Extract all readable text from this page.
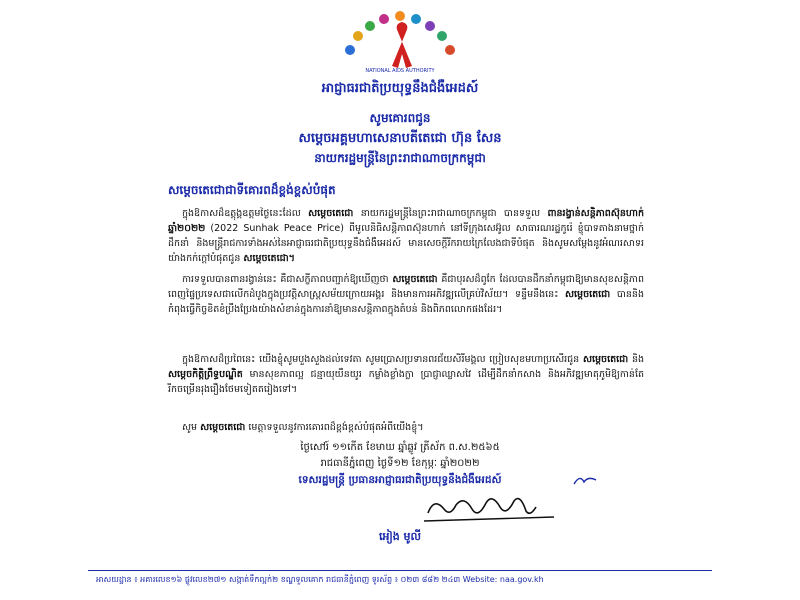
NATIONAL AIDS AUTHORITY
អាជ្ញាធរជាតិប្រយុទ្ធនឹងជំងឺអេដស៍
សូមគោរពជូន
សម្តេចអគ្គមហាសេនាបតីតេជោ ហ៊ុន សែន
នាយករដ្ឋមន្ត្រីនៃព្រះរាជាណាចក្រកម្ពុជា
សម្តេចតេជោជាទីគោរពដ៏ខ្ពង់ខ្ពស់បំផុត
ក្នុងឱកាសដ៏ឧត្តុង្គឧត្តមថ្ងៃនេះដែល សម្តេចតេជោ នាយករដ្ឋមន្ត្រីនៃព្រះរាជាណាចក្រកម្ពុជា បានទទួល ពានរង្វាន់សន្តិភាពស៊ុនហាក់ ឆ្នាំ២០២២ (2022 Sunhak Peace Price) ពីមូលនិធិសន្តិភាពស៊ុនហាក់ នៅទីក្រុងសេអ៊ូល សាធារណរដ្ឋកូរ៉េ ខ្ញុំបាទតាងនាមថ្នាក់ដឹកនាំ និងមន្ត្រីរាជការទាំងអស់នៃអាជ្ញាធរជាតិប្រយុទ្ធនឹងជំងឺអេដស៍ មានសេចក្តីរីករាយក្រៃលែងជាទីបំផុត និងសូមសម្តែងនូវអំណរសាទរយ៉ាងកក់ក្តៅបំផុតជូន សម្តេចតេជោ។
ការទទួលបានពានរង្វាន់នេះ គឺជាសក្ខីភាពបញ្ជាក់ឱ្យឃើញថា សម្តេចតេជោ គឺជាបុរសដ៏ពូកែ ដែលបានដឹកនាំកម្ពុជាឱ្យមានសុខសន្តិភាពពេញផ្ទៃប្រទេសជាលើកដំបូងក្នុងប្រវត្តិសាស្ត្រសម័យក្រោយអង្គរ និងមានការអភិវឌ្ឍលើគ្រប់វិស័យ។ ទន្ទឹមនឹងនេះ សម្តេចតេជោ បាននិងកំពុងធ្វើកិច្ចខិតខំប្រឹងប្រែងយ៉ាងសំខាន់ក្នុងការនាំឱ្យមានសន្តិភាពក្នុងតំបន់ និងពិភពលោកផងដែរ។
ក្នុងឱកាសដ៏ប្រពៃនេះ យើងខ្ញុំសូមបួងសួងដល់ទេវតា សូមប្រោសប្រទានពរជ័យសិរីមង្គល ប្រៀបសុខមហាប្រសើរជូន សម្តេចតេជោ និង សម្តេចកិត្តិព្រឹទ្ធបណ្ឌិត មានសុខភាពល្អ ជន្មាយុយឺនយូរ កម្លាំងខ្លាំងក្លា ប្រាជ្ញាឈ្លាសវៃ ដើម្បីដឹកនាំកសាង និងអភិវឌ្ឍមាតុភូមិឱ្យកាន់តែរីកចម្រើនរុងរឿងថែមទៀតតរៀងទៅ។
សូម សម្តេចតេជោ មេត្តាទទួលនូវការគោរពដ៏ខ្ពង់ខ្ពស់បំផុតអំពីយើងខ្ញុំ។
ថ្ងៃសៅរ៍ ១១កើត ខែមាឃ ឆ្នាំឆ្លូវ ត្រីស័ក ព.ស.២៥៦៥
រាជធានីភ្នំពេញ ថ្ងៃទី១២ ខែកុម្ភៈ ឆ្នាំ២០២២
ទេសរដ្ឋមន្ត្រី ប្រធានអាជ្ញាធរជាតិប្រយុទ្ធនឹងជំងឺអេដស៍
អៀង មូលី
អាសយដ្ឋាន ៖ អគារលេខ១៦ ផ្លូវលេខ២៧១ សង្កាត់ទឹកល្អក់២ ខណ្ឌទួលគោក រាជធានីភ្នំពេញ ទូរស័ព្ទ ៖ ០២៣ ៨៨២ ២៤៣ Website: naa.gov.kh
